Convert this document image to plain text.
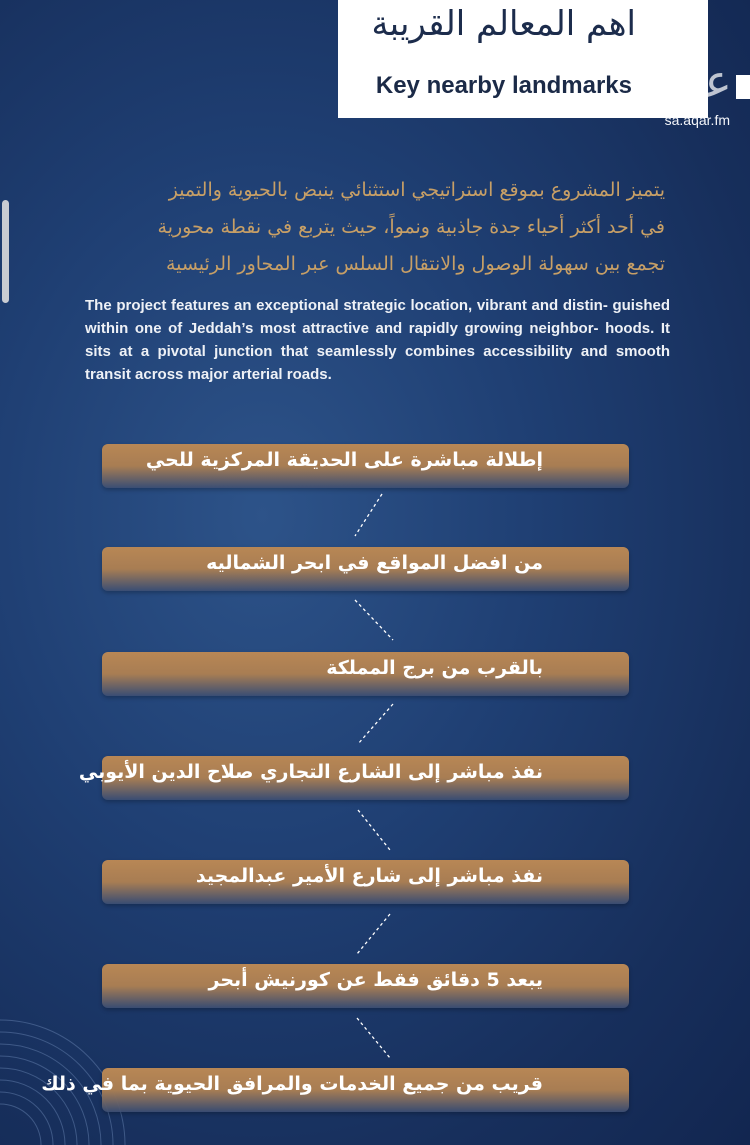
اهم المعالم القريبة
Key nearby landmarks عقار
sa.aqar.fm
يتميز المشروع بموقع استراتيجي استثنائي ينبض بالحيوية والتميز
في أحد أكثر أحياء جدة جاذبية ونمواً، حيث يتربع في نقطة محورية
تجمع بين سهولة الوصول والانتقال السلس عبر المحاور الرئيسية
The project features an exceptional strategic location, vibrant and distin- guished within one of Jeddah’s most attractive and rapidly growing neighbor- hoods. It sits at a pivotal junction that seamlessly combines accessibility and smooth transit across major arterial roads.
إطلالة مباشرة على الحديقة المركزية للحي
من افضل المواقع في ابحر الشماليه
بالقرب من برج المملكة
نفذ مباشر إلى الشارع التجاري صلاح الدين الأيوبي
نفذ مباشر إلى شارع الأمير عبدالمجيد
يبعد 5 دقائق فقط عن كورنيش أبحر
قريب من جميع الخدمات والمرافق الحيوية بما في ذلك
